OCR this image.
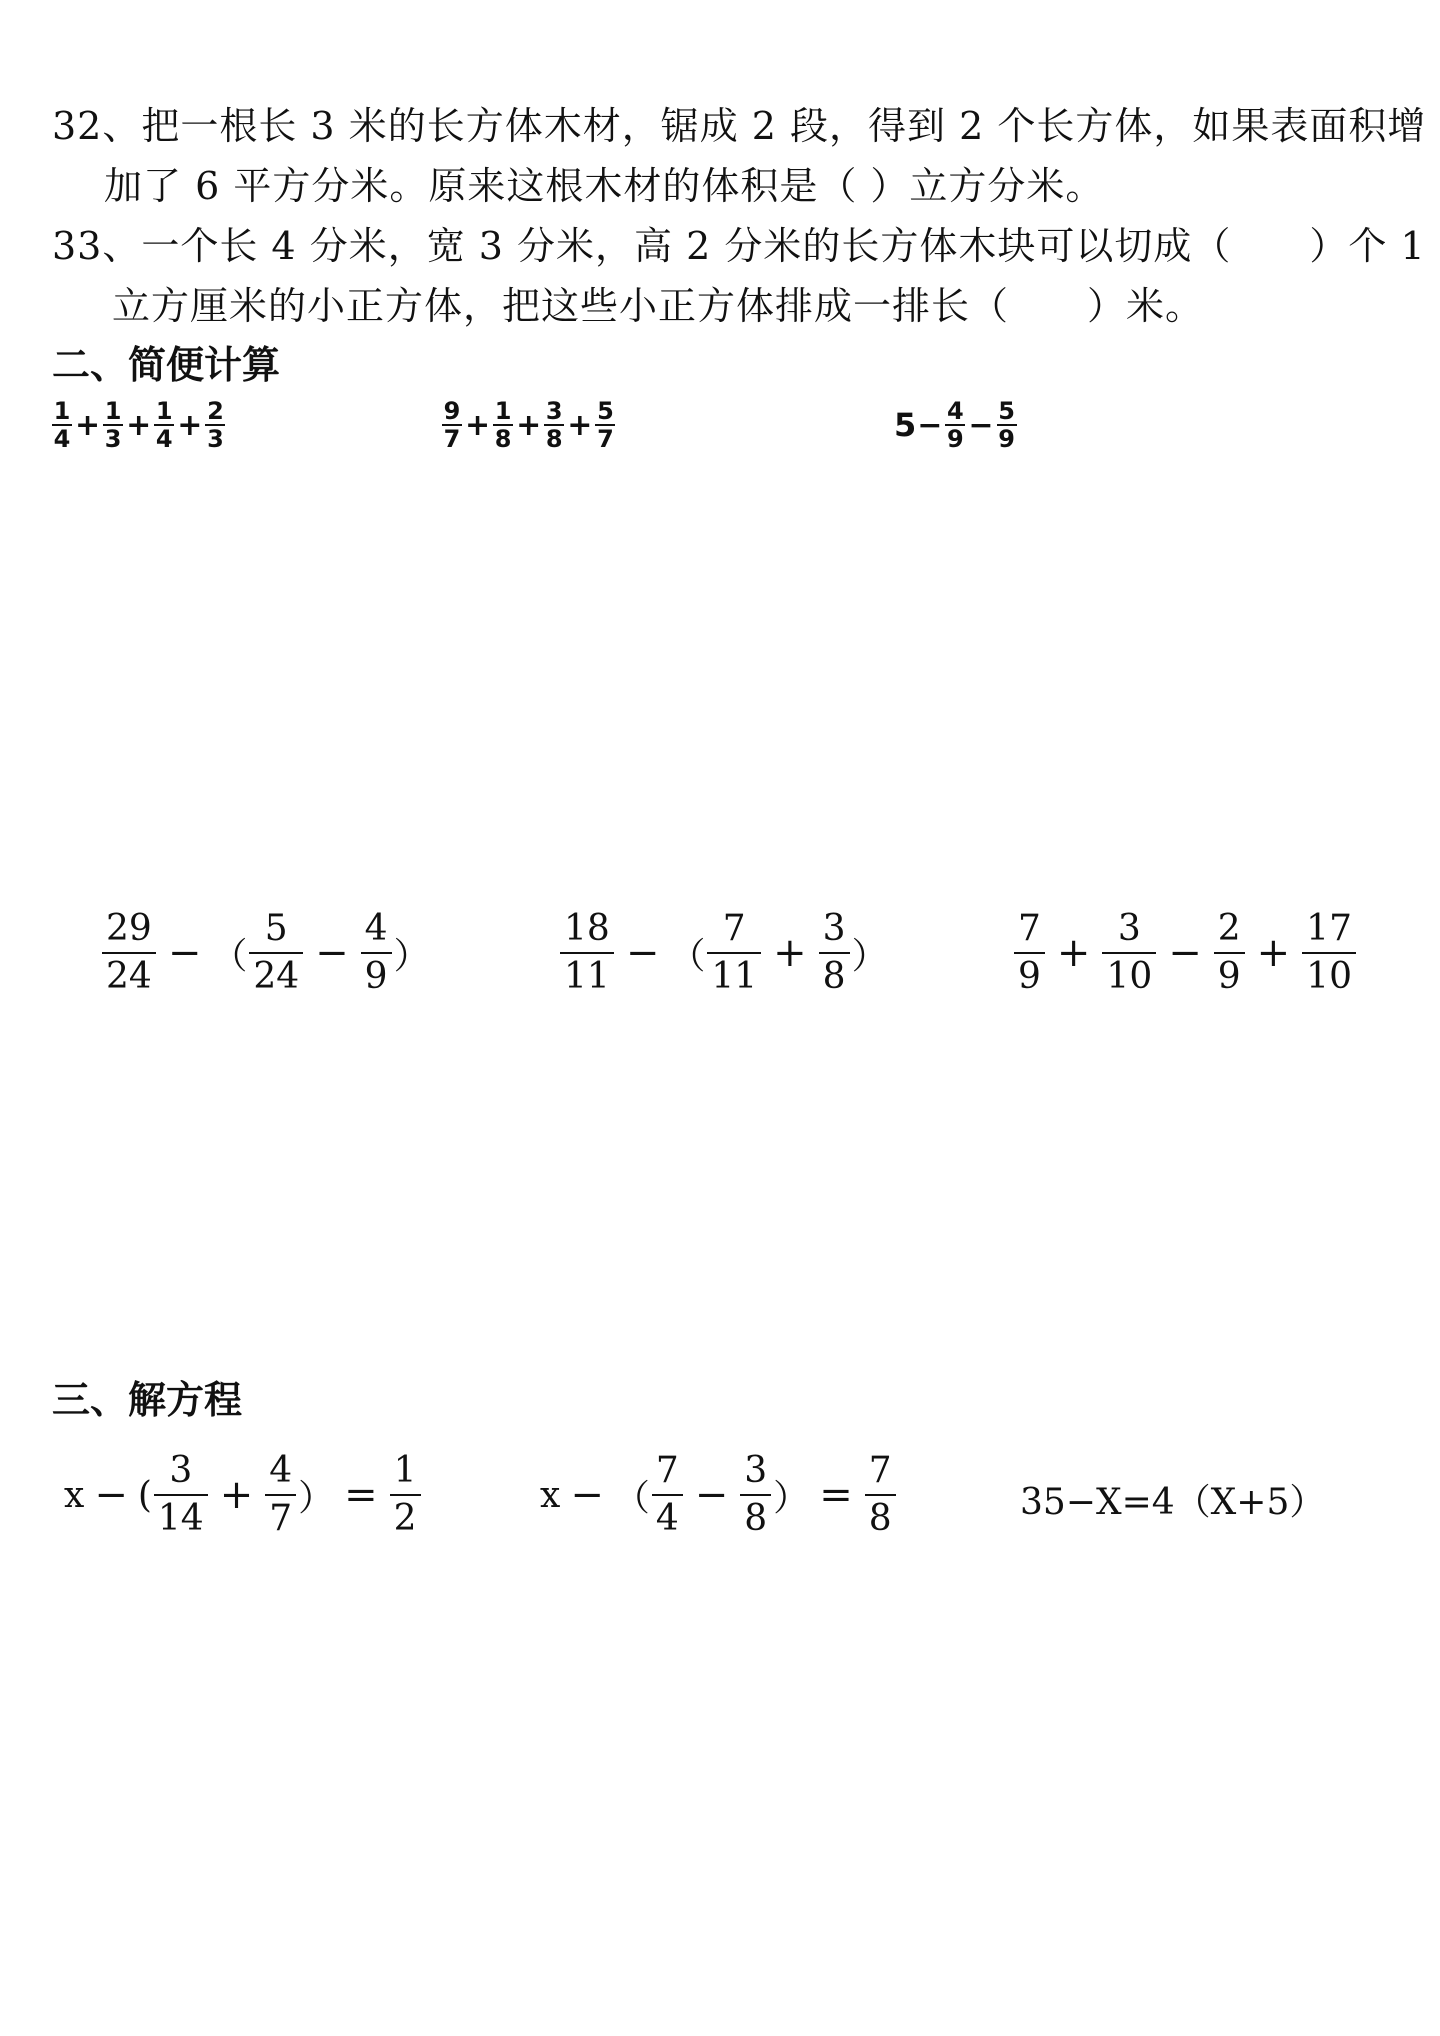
32、把一根长 3 米的长方体木材，锯成 2 段，得到 2 个长方体，如果表面积增
加了 6 平方分米。原来这根木材的体积是（ ）立方分米。
33、一个长 4 分米，宽 3 分米，高 2 分米的长方体木块可以切成（　　）个 1
立方厘米的小正方体，把这些小正方体排成一排长（　　）米。
二、简便计算
$\frac{1}{4} + \frac{1}{3} + \frac{1}{4} + \frac{2}{3}$	$\frac{9}{7} + \frac{1}{8} + \frac{3}{8} + \frac{5}{7}$	$5 - \frac{4}{9} - \frac{5}{9}$
$\frac{29}{24}$ − （ $\frac{5}{24} - \frac{4}{9}$ ）	$\frac{18}{11}$ − （ $\frac{7}{11} + \frac{3}{8}$ ）	$\frac{7}{9} + \frac{3}{10} - \frac{2}{9} + \frac{17}{10}$
三、解方程
x − ( $\frac{3}{14} + \frac{4}{7}$ ） = $\frac{1}{2}$	x − （ $\frac{7}{4} - \frac{3}{8}$ ） = $\frac{7}{8}$	35−X=4（X+5）
